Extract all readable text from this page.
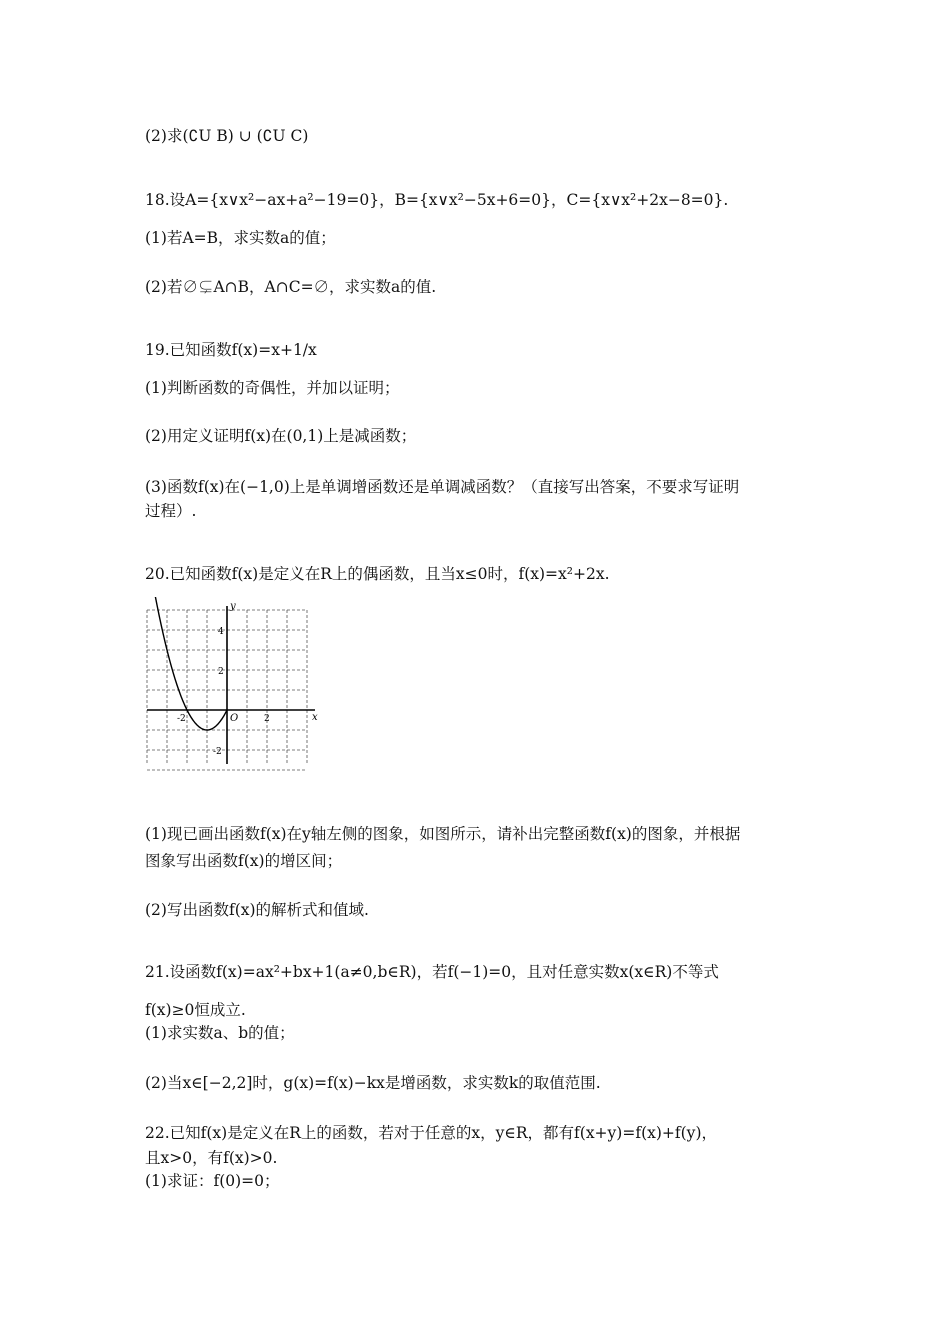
(2)求(∁U B) ∪ (∁U C)
18.设A={x∨x²−ax+a²−19=0}，B={x∨x²−5x+6=0}，C={x∨x²+2x−8=0}.
(1)若A=B，求实数a的值；
(2)若∅⊊A∩B，A∩C=∅，求实数a的值.
19.已知函数f(x)=x+1/x
(1)判断函数的奇偶性，并加以证明；
(2)用定义证明f(x)在(0,1)上是减函数；
(3)函数f(x)在(−1,0)上是单调增函数还是单调减函数？（直接写出答案，不要求写证明
过程）.
20.已知函数f(x)是定义在R上的偶函数，且当x≤0时，f(x)=x²+2x.
y
x
O
4
2
-2
-2	2
(1)现已画出函数f(x)在y轴左侧的图象，如图所示，请补出完整函数f(x)的图象，并根据
图象写出函数f(x)的增区间；
(2)写出函数f(x)的解析式和值域.
21.设函数f(x)=ax²+bx+1(a≠0,b∈R)，若f(−1)=0，且对任意实数x(x∈R)不等式
f(x)≥0恒成立.
(1)求实数a、b的值；
(2)当x∈[−2,2]时，g(x)=f(x)−kx是增函数，求实数k的取值范围.
22.已知f(x)是定义在R上的函数，若对于任意的x，y∈R，都有f(x+y)=f(x)+f(y)，
且x>0，有f(x)>0.
(1)求证：f(0)=0；
